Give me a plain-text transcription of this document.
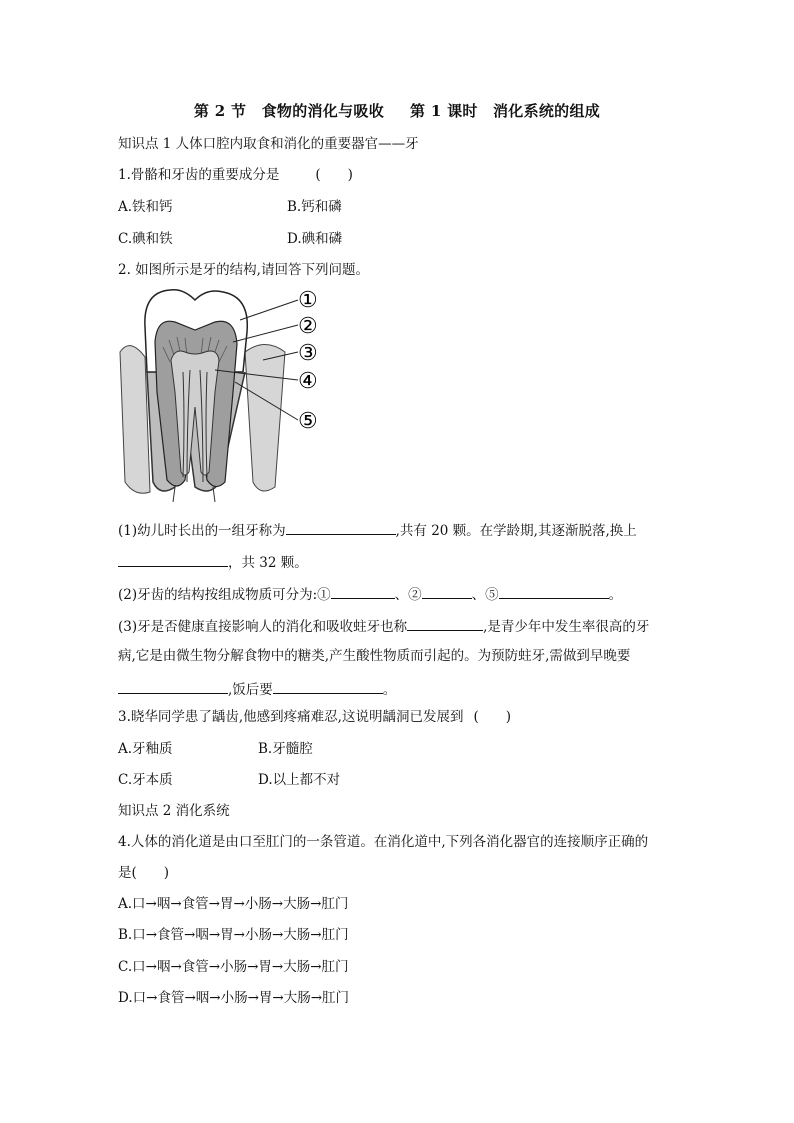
第 2 节　食物的消化与吸收 第 1 课时　消化系统的组成
知识点 1 人体口腔内取食和消化的重要器官——牙
1.骨骼和牙齿的重要成分是	(　　)
A.铁和钙	B.钙和磷
C.碘和铁	D.碘和磷
2. 如图所示是牙的结构,请回答下列问题。
①
②
③
④
⑤
(1)幼儿时长出的一组牙称为	,共有 20 颗。在学龄期,其逐渐脱落,换上
，共 32 颗。
(2)牙齿的结构按组成物质可分为:①	、②	、⑤	。
(3)牙是否健康直接影响人的消化和吸收蛀牙也称	,是青少年中发生率很高的牙
病,它是由微生物分解食物中的糖类,产生酸性物质而引起的。为预防蛀牙,需做到早晚要
,饭后要	。
3.晓华同学患了龋齿,他感到疼痛难忍,这说明龋洞已发展到 (　　)
A.牙釉质	B.牙髓腔
C.牙本质	D.以上都不对
知识点 2 消化系统
4.人体的消化道是由口至肛门的一条管道。在消化道中,下列各消化器官的连接顺序正确的
是(　　)
A.口→咽→食管→胃→小肠→大肠→肛门
B.口→食管→咽→胃→小肠→大肠→肛门
C.口→咽→食管→小肠→胃→大肠→肛门
D.口→食管→咽→小肠→胃→大肠→肛门
